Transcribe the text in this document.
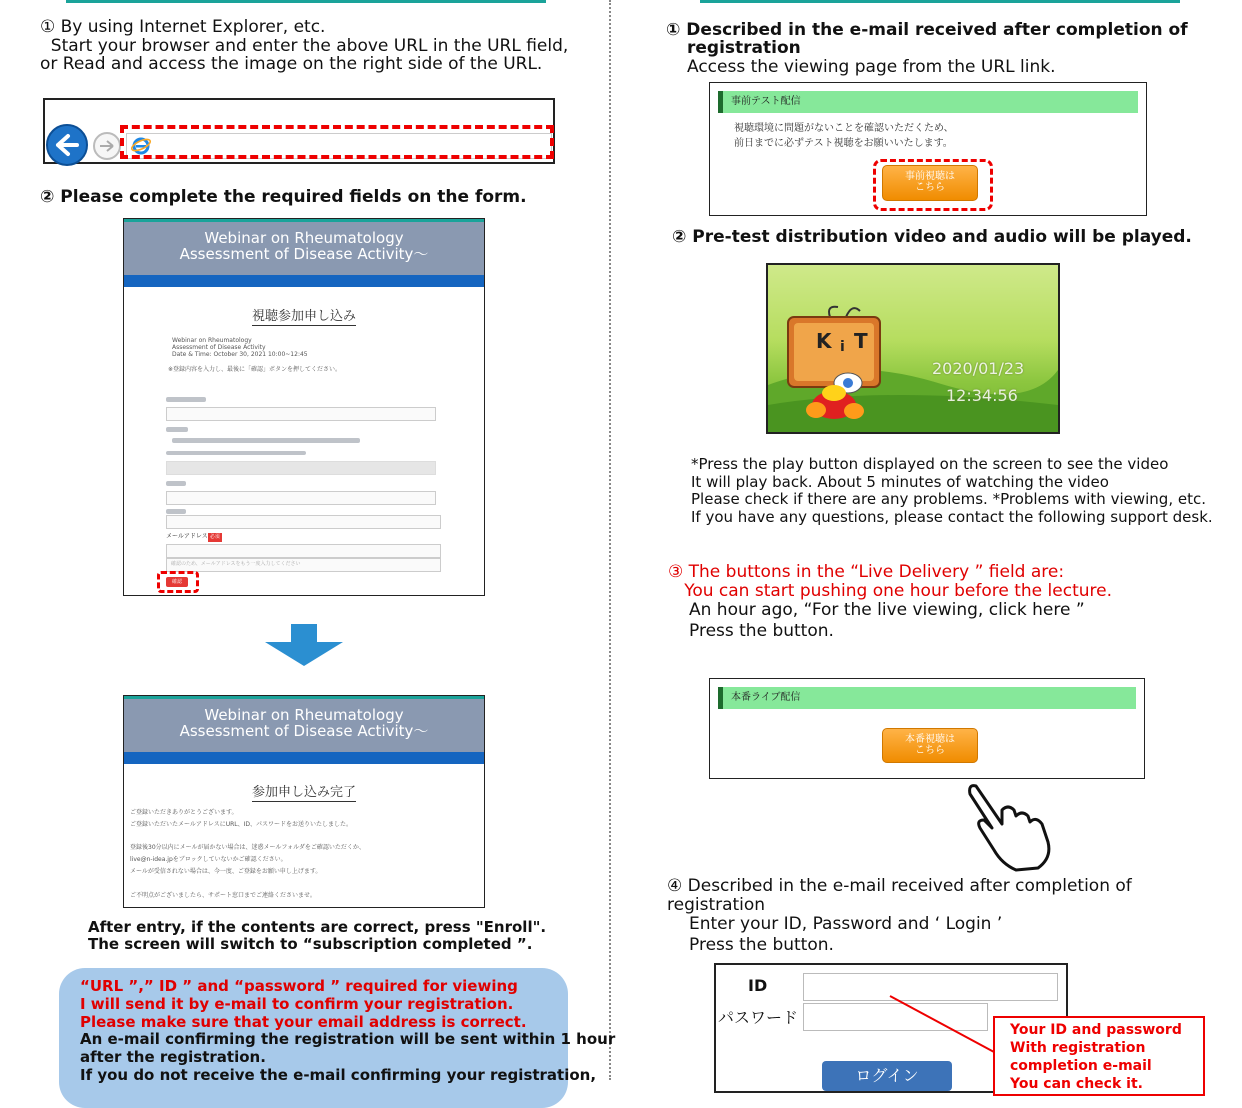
① By using Internet Explorer, etc.
Start your browser and enter the above URL in the URL field,
or Read and access the image on the right side of the URL.
② Please complete the required fields on the form.
Webinar on Rheumatology
Assessment of Disease Activity～
視聴参加申し込み
Webinar on Rheumatology
Assessment of Disease Activity
Date & Time: October 30, 2021 10:00~12:45
※登録内容を入力し、最後に「確認」ボタンを押してください。
メールアドレス 必須
確認のため、メールアドレスをもう一度入力してください
確認
Webinar on Rheumatology
Assessment of Disease Activity～
参加申し込み完了
ご登録いただきありがとうございます。
ご登録いただいたメールアドレスにURL、ID、パスワードをお送りいたしました。
登録後30分以内にメールが届かない場合は、迷惑メールフォルダをご確認いただくか、
live@n-idea.jpをブロックしていないかご確認ください。
メールが受信されない場合は、今一度、ご登録をお願い申し上げます。
ご不明点がございましたら、サポート窓口までご連絡くださいませ。
After entry, if the contents are correct, press "Enroll".
The screen will switch to “subscription completed ”.
“URL ”,” ID ” and “password ” required for viewing
I will send it by e-mail to confirm your registration.
Please make sure that your email address is correct.
An e-mail confirming the registration will be sent within 1 hour
after the registration.
If you do not receive the e-mail confirming your registration,
① Described in the e-mail received after completion of
registration
Access the viewing page from the URL link.
事前テスト配信
視聴環境に問題がないことを確認いただくため、
前日までに必ずテスト視聴をお願いいたします。
事前視聴は
こちら
② Pre-test distribution video and audio will be played.
K i T
2020/01/23
12:34:56
*Press the play button displayed on the screen to see the video
It will play back. About 5 minutes of watching the video
Please check if there are any problems. *Problems with viewing, etc.
If you have any questions, please contact the following support desk.
③ The buttons in the “Live Delivery ” field are:
You can start pushing one hour before the lecture.
An hour ago, “For the live viewing, click here ”
Press the button.
本番ライブ配信
本番視聴は
こちら
④ Described in the e-mail received after completion of
registration
Enter your ID, Password and ‘ Login ’
Press the button.
ID
パスワード
ログイン
Your ID and password
With registration
completion e-mail
You can check it.
